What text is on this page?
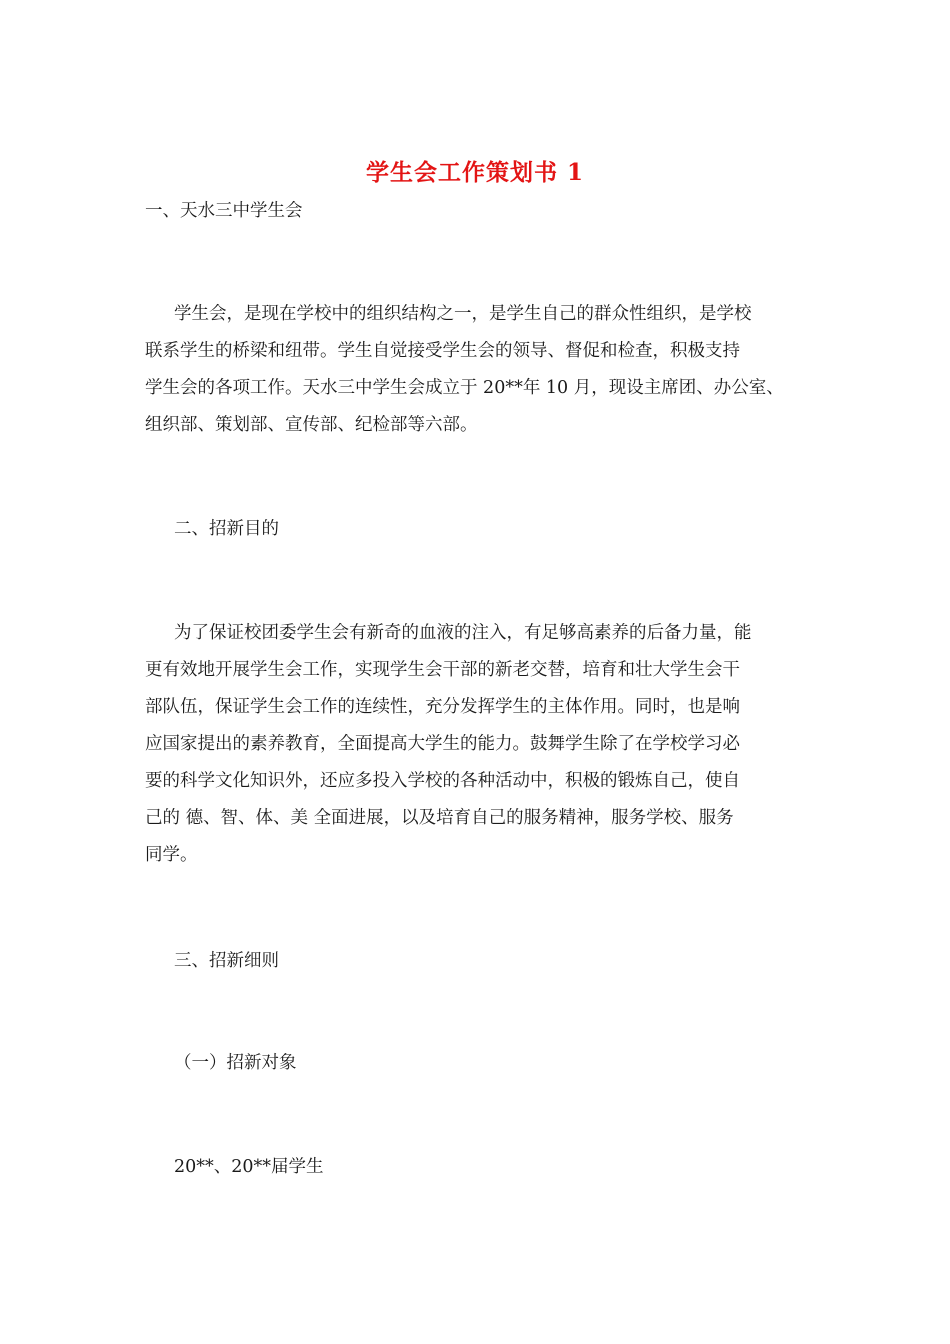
学生会工作策划书 1
一、天水三中学生会
学生会，是现在学校中的组织结构之一，是学生自己的群众性组织，是学校
联系学生的桥梁和纽带。学生自觉接受学生会的领导、督促和检查，积极支持
学生会的各项工作。天水三中学生会成立于 20**年 10 月，现设主席团、办公室、
组织部、策划部、宣传部、纪检部等六部。
二、招新目的
为了保证校团委学生会有新奇的血液的注入，有足够高素养的后备力量，能
更有效地开展学生会工作，实现学生会干部的新老交替，培育和壮大学生会干
部队伍，保证学生会工作的连续性，充分发挥学生的主体作用。同时，也是响
应国家提出的素养教育，全面提高大学生的能力。鼓舞学生除了在学校学习必
要的科学文化知识外，还应多投入学校的各种活动中，积极的锻炼自己，使自
己的 德、智、体、美 全面进展，以及培育自己的服务精神，服务学校、服务
同学。
三、招新细则
（一）招新对象
20**、20**届学生
